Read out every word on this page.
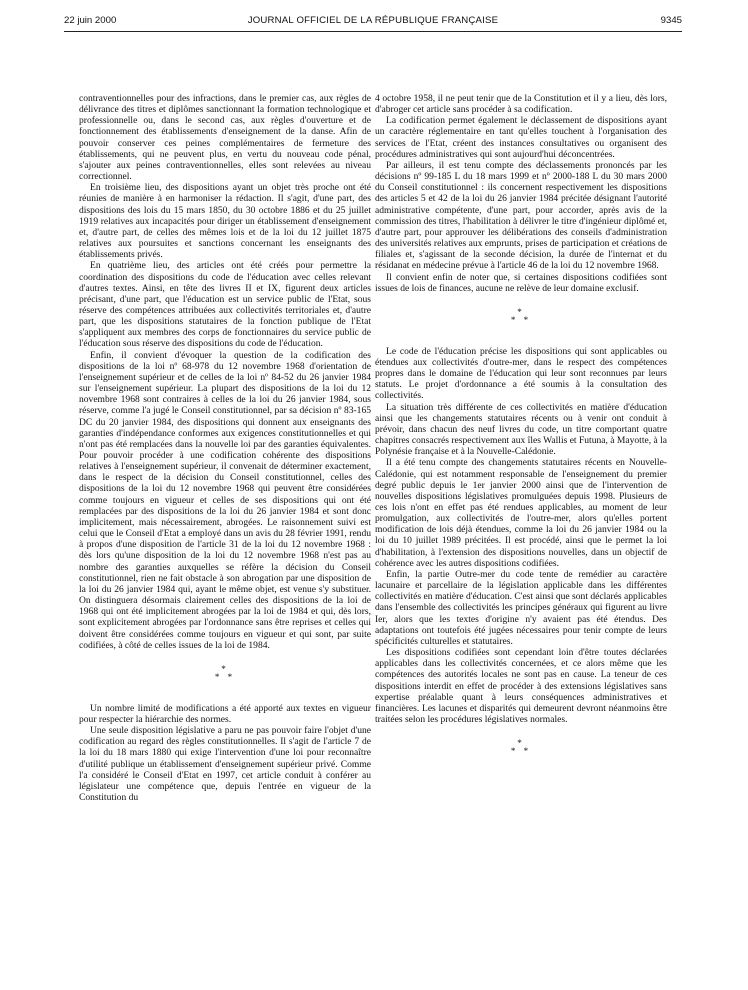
22 juin 2000	JOURNAL OFFICIEL DE LA RÉPUBLIQUE FRANÇAISE	9345

contraventionnelles pour des infractions, dans le premier cas, aux règles de délivrance des titres et diplômes sanctionnant la formation technologique et professionnelle ou, dans le second cas, aux règles d'ouverture et de fonctionnement des établissements d'enseignement de la danse. Afin de pouvoir conserver ces peines complémentaires de fermeture des établissements, qui ne peuvent plus, en vertu du nouveau code pénal, s'ajouter aux peines contraventionnelles, elles sont relevées au niveau correctionnel.

En troisième lieu, des dispositions ayant un objet très proche ont été réunies de manière à en harmoniser la rédaction. Il s'agit, d'une part, des dispositions des lois du 15 mars 1850, du 30 octobre 1886 et du 25 juillet 1919 relatives aux incapacités pour diriger un établissement d'enseignement et, d'autre part, de celles des mêmes lois et de la loi du 12 juillet 1875 relatives aux poursuites et sanctions concernant les enseignants des établissements privés.

En quatrième lieu, des articles ont été créés pour permettre la coordination des dispositions du code de l'éducation avec celles relevant d'autres textes. Ainsi, en tête des livres II et IX, figurent deux articles précisant, d'une part, que l'éducation est un service public de l'Etat, sous réserve des compétences attribuées aux collectivités territoriales et, d'autre part, que les dispositions statutaires de la fonction publique de l'Etat s'appliquent aux membres des corps de fonctionnaires du service public de l'éducation sous réserve des dispositions du code de l'éducation.

Enfin, il convient d'évoquer la question de la codification des dispositions de la loi nº 68-978 du 12 novembre 1968 d'orientation de l'enseignement supérieur et de celles de la loi nº 84-52 du 26 janvier 1984 sur l'enseignement supérieur. La plupart des dispositions de la loi du 12 novembre 1968 sont contraires à celles de la loi du 26 janvier 1984, sous réserve, comme l'a jugé le Conseil constitutionnel, par sa décision nº 83-165 DC du 20 janvier 1984, des dispositions qui donnent aux enseignants des garanties d'indépendance conformes aux exigences constitutionnelles et qui n'ont pas été remplacées dans la nouvelle loi par des garanties équivalentes. Pour pouvoir procéder à une codification cohérente des dispositions relatives à l'enseignement supérieur, il convenait de déterminer exactement, dans le respect de la décision du Conseil constitutionnel, celles des dispositions de la loi du 12 novembre 1968 qui peuvent être considérées comme toujours en vigueur et celles de ses dispositions qui ont été remplacées par des dispositions de la loi du 26 janvier 1984 et sont donc implicitement, mais nécessairement, abrogées. Le raisonnement suivi est celui que le Conseil d'Etat a employé dans un avis du 28 février 1991, rendu à propos d'une disposition de l'article 31 de la loi du 12 novembre 1968 : dès lors qu'une disposition de la loi du 12 novembre 1968 n'est pas au nombre des garanties auxquelles se réfère la décision du Conseil constitutionnel, rien ne fait obstacle à son abrogation par une disposition de la loi du 26 janvier 1984 qui, ayant le même objet, est venue s'y substituer. On distinguera désormais clairement celles des dispositions de la loi de 1968 qui ont été implicitement abrogées par la loi de 1984 et qui, dès lors, sont explicitement abrogées par l'ordonnance sans être reprises et celles qui doivent être considérées comme toujours en vigueur et qui sont, par suite codifiées, à côté de celles issues de la loi de 1984.

*
* *

Un nombre limité de modifications a été apporté aux textes en vigueur pour respecter la hiérarchie des normes.

Une seule disposition législative a paru ne pas pouvoir faire l'objet d'une codification au regard des règles constitutionnelles. Il s'agit de l'article 7 de la loi du 18 mars 1880 qui exige l'intervention d'une loi pour reconnaître d'utilité publique un établissement d'enseignement supérieur privé. Comme l'a considéré le Conseil d'Etat en 1997, cet article conduit à conférer au législateur une compétence que, depuis l'entrée en vigueur de la Constitution du

4 octobre 1958, il ne peut tenir que de la Constitution et il y a lieu, dès lors, d'abroger cet article sans procéder à sa codification.

La codification permet également le déclassement de dispositions ayant un caractère réglementaire en tant qu'elles touchent à l'organisation des services de l'Etat, créent des instances consultatives ou organisent des procédures administratives qui sont aujourd'hui déconcentrées.

Par ailleurs, il est tenu compte des déclassements prononcés par les décisions nº 99-185 L du 18 mars 1999 et nº 2000-188 L du 30 mars 2000 du Conseil constitutionnel : ils concernent respectivement les dispositions des articles 5 et 42 de la loi du 26 janvier 1984 précitée désignant l'autorité administrative compétente, d'une part, pour accorder, après avis de la commission des titres, l'habilitation à délivrer le titre d'ingénieur diplômé et, d'autre part, pour approuver les délibérations des conseils d'administration des universités relatives aux emprunts, prises de participation et créations de filiales et, s'agissant de la seconde décision, la durée de l'internat et du résidanat en médecine prévue à l'article 46 de la loi du 12 novembre 1968.

Il convient enfin de noter que, si certaines dispositions codifiées sont issues de lois de finances, aucune ne relève de leur domaine exclusif.

*
* *

Le code de l'éducation précise les dispositions qui sont applicables ou étendues aux collectivités d'outre-mer, dans le respect des compétences propres dans le domaine de l'éducation qui leur sont reconnues par leurs statuts. Le projet d'ordonnance a été soumis à la consultation des collectivités.

La situation très différente de ces collectivités en matière d'éducation ainsi que les changements statutaires récents ou à venir ont conduit à prévoir, dans chacun des neuf livres du code, un titre comportant quatre chapitres consacrés respectivement aux îles Wallis et Futuna, à Mayotte, à la Polynésie française et à la Nouvelle-Calédonie.

Il a été tenu compte des changements statutaires récents en Nouvelle-Calédonie, qui est notamment responsable de l'enseignement du premier degré public depuis le 1er janvier 2000 ainsi que de l'intervention de nouvelles dispositions législatives promulguées depuis 1998. Plusieurs de ces lois n'ont en effet pas été rendues applicables, au moment de leur promulgation, aux collectivités de l'outre-mer, alors qu'elles portent modification de lois déjà étendues, comme la loi du 26 janvier 1984 ou la loi du 10 juillet 1989 précitées. Il est procédé, ainsi que le permet la loi d'habilitation, à l'extension des dispositions nouvelles, dans un objectif de cohérence avec les autres dispositions codifiées.

Enfin, la partie Outre-mer du code tente de remédier au caractère lacunaire et parcellaire de la législation applicable dans les différentes collectivités en matière d'éducation. C'est ainsi que sont déclarés applicables dans l'ensemble des collectivités les principes généraux qui figurent au livre Ier, alors que les textes d'origine n'y avaient pas été étendus. Des adaptations ont toutefois été jugées nécessaires pour tenir compte de leurs spécificités culturelles et statutaires.

Les dispositions codifiées sont cependant loin d'être toutes déclarées applicables dans les collectivités concernées, et ce alors même que les compétences des autorités locales ne sont pas en cause. La teneur de ces dispositions interdit en effet de procéder à des extensions législatives sans expertise préalable quant à leurs conséquences administratives et financières. Les lacunes et disparités qui demeurent devront néanmoins être traitées selon les procédures législatives normales.

*
* *
